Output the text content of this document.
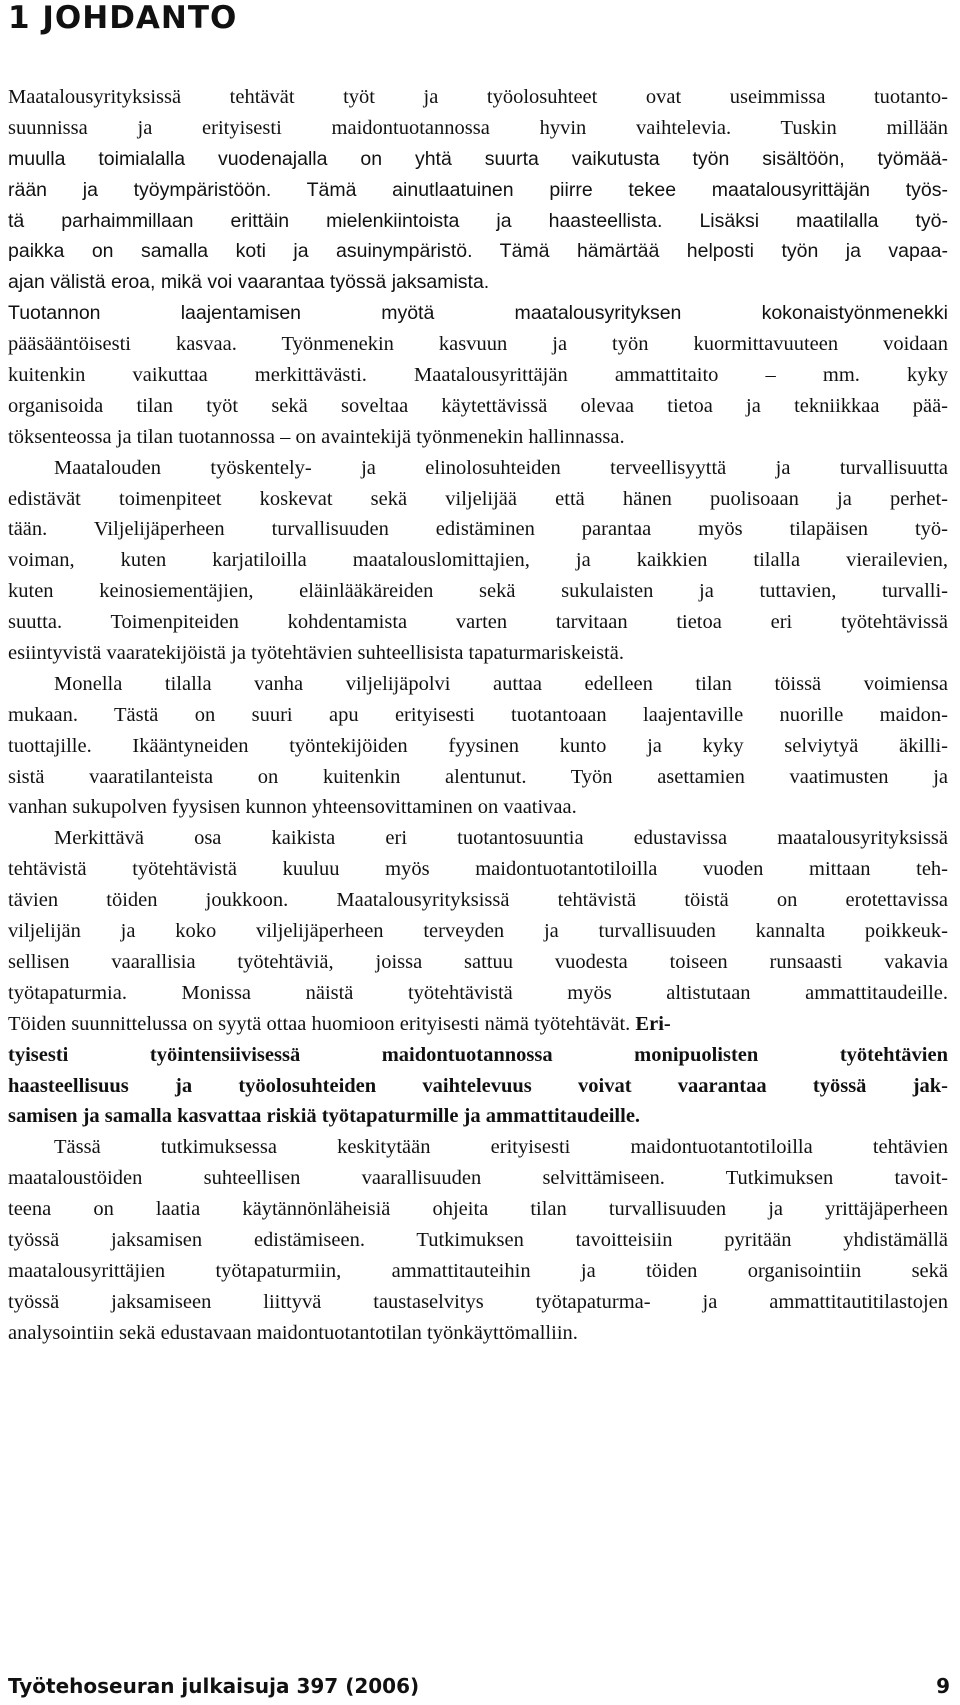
1 JOHDANTO
Maatalousyrityksissä tehtävät työt ja työolosuhteet ovat useimmissa tuotanto-
suunnissa ja erityisesti maidontuotannossa hyvin vaihtelevia. Tuskin millään
muulla toimialalla vuodenajalla on yhtä suurta vaikutusta työn sisältöön, työmää-
rään ja työympäristöön. Tämä ainutlaatuinen piirre tekee maatalousyrittäjän työs-
tä parhaimmillaan erittäin mielenkiintoista ja haasteellista. Lisäksi maatilalla työ-
paikka on samalla koti ja asuinympäristö. Tämä hämärtää helposti työn ja vapaa-
ajan välistä eroa, mikä voi vaarantaa työssä jaksamista.
Tuotannon laajentamisen myötä maatalousyrityksen kokonaistyönmenekki
pääsääntöisesti kasvaa. Työnmenekin kasvuun ja työn kuormittavuuteen voidaan
kuitenkin vaikuttaa merkittävästi. Maatalousyrittäjän ammattitaito – mm. kyky
organisoida tilan työt sekä soveltaa käytettävissä olevaa tietoa ja tekniikkaa pää-
töksenteossa ja tilan tuotannossa – on avaintekijä työnmenekin hallinnassa.
Maatalouden työskentely- ja elinolosuhteiden terveellisyyttä ja turvallisuutta
edistävät toimenpiteet koskevat sekä viljelijää että hänen puolisoaan ja perhet-
tään. Viljelijäperheen turvallisuuden edistäminen parantaa myös tilapäisen työ-
voiman, kuten karjatiloilla maatalouslomittajien, ja kaikkien tilalla vierailevien,
kuten keinosiementäjien, eläinlääkäreiden sekä sukulaisten ja tuttavien, turvalli-
suutta. Toimenpiteiden kohdentamista varten tarvitaan tietoa eri työtehtävissä
esiintyvistä vaaratekijöistä ja työtehtävien suhteellisista tapaturmariskeistä.
Monella tilalla vanha viljelijäpolvi auttaa edelleen tilan töissä voimiensa
mukaan. Tästä on suuri apu erityisesti tuotantoaan laajentaville nuorille maidon-
tuottajille. Ikääntyneiden työntekijöiden fyysinen kunto ja kyky selviytyä äkilli-
sistä vaaratilanteista on kuitenkin alentunut. Työn asettamien vaatimusten ja
vanhan sukupolven fyysisen kunnon yhteensovittaminen on vaativaa.
Merkittävä osa kaikista eri tuotantosuuntia edustavissa maatalousyrityksissä
tehtävistä työtehtävistä kuuluu myös maidontuotantotiloilla vuoden mittaan teh-
tävien töiden joukkoon. Maatalousyrityksissä tehtävistä töistä on erotettavissa
viljelijän ja koko viljelijäperheen terveyden ja turvallisuuden kannalta poikkeuk-
sellisen vaarallisia työtehtäviä, joissa sattuu vuodesta toiseen runsaasti vakavia
työtapaturmia. Monissa näistä työtehtävistä myös altistutaan ammattitaudeille.
Töiden suunnittelussa on syytä ottaa huomioon erityisesti nämä työtehtävät. Eri-
tyisesti työintensiivisessä maidontuotannossa monipuolisten työtehtävien
haasteellisuus ja työolosuhteiden vaihtelevuus voivat vaarantaa työssä jak-
samisen ja samalla kasvattaa riskiä työtapaturmille ja ammattitaudeille.
Tässä tutkimuksessa keskitytään erityisesti maidontuotantotiloilla tehtävien
maataloustöiden suhteellisen vaarallisuuden selvittämiseen. Tutkimuksen tavoit-
teena on laatia käytännönläheisiä ohjeita tilan turvallisuuden ja yrittäjäperheen
työssä jaksamisen edistämiseen. Tutkimuksen tavoitteisiin pyritään yhdistämällä
maatalousyrittäjien työtapaturmiin, ammattitauteihin ja töiden organisointiin sekä
työssä jaksamiseen liittyvä taustaselvitys työtapaturma- ja ammattitautitilastojen
analysointiin sekä edustavaan maidontuotantotilan työnkäyttömalliin.
Työtehoseuran julkaisuja 397 (2006)	9
